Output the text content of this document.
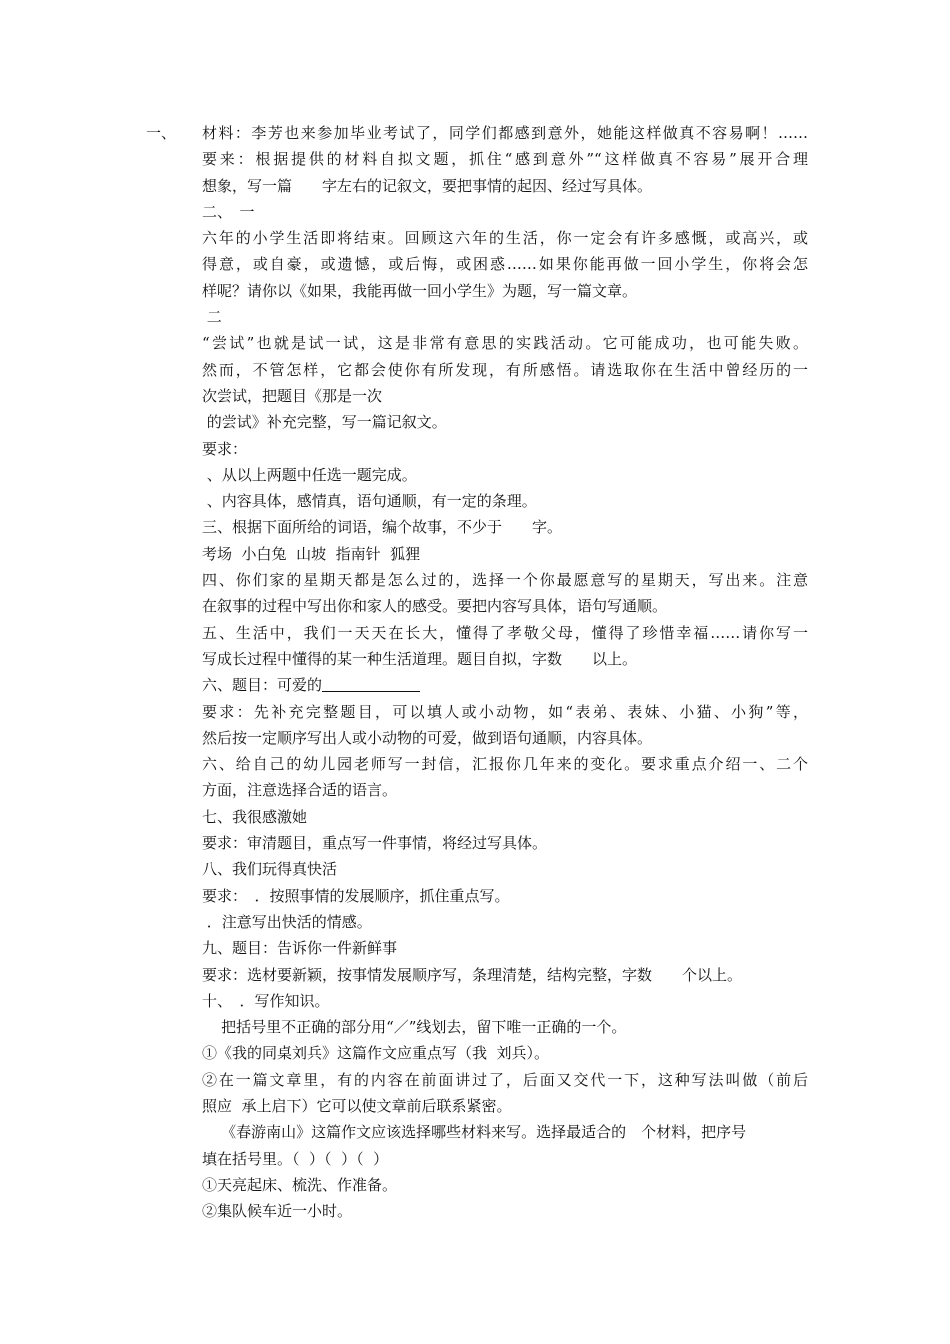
一、 材料：李芳也来参加毕业考试了，同学们都感到意外，她能这样做真不容易啊！……
要来：根据提供的材料自拟文题，抓住“感到意外”“这样做真不容易”展开合理
想象，写一篇　　字左右的记叙文，要把事情的起因、经过写具体。
二、　一
六年的小学生活即将结束。回顾这六年的生活，你一定会有许多感慨，或高兴，或
得意，或自豪，或遗憾，或后悔，或困惑……如果你能再做一回小学生，你将会怎
样呢？请你以《如果，我能再做一回小学生》为题，写一篇文章。
二
“尝试”也就是试一试，这是非常有意思的实践活动。它可能成功，也可能失败。
然而，不管怎样，它都会使你有所发现，有所感悟。请选取你在生活中曾经历的一
次尝试，把题目《那是一次
的尝试》补充完整，写一篇记叙文。
要求：
、从以上两题中任选一题完成。
、内容具体，感情真，语句通顺，有一定的条理。
三、根据下面所给的词语，编个故事，不少于　　字。
考场  小白兔  山坡  指南针  狐狸
四、你们家的星期天都是怎么过的，选择一个你最愿意写的星期天，写出来。注意
在叙事的过程中写出你和家人的感受。要把内容写具体，语句写通顺。
五、生活中，我们一天天在长大，懂得了孝敬父母，懂得了珍惜幸福……请你写一
写成长过程中懂得的某一种生活道理。题目自拟，字数　　以上。
六、题目：可爱的
要求：先补充完整题目，可以填人或小动物，如“表弟、表妹、小猫、小狗”等，
然后按一定顺序写出人或小动物的可爱，做到语句通顺，内容具体。
六、给自己的幼儿园老师写一封信，汇报你几年来的变化。要求重点介绍一、二个
方面，注意选择合适的语言。
七、我很感激她
要求：审清题目，重点写一件事情，将经过写具体。
八、我们玩得真快活
要求：　．按照事情的发展顺序，抓住重点写。
．注意写出快活的情感。
九、题目：告诉你一件新鲜事
要求：选材要新颖，按事情发展顺序写，条理清楚，结构完整，字数　　个以上。
十、　．写作知识。
把括号里不正确的部分用“／”线划去，留下唯一正确的一个。
①《我的同桌刘兵》这篇作文应重点写（我  刘兵）。
②在一篇文章里，有的内容在前面讲过了，后面又交代一下，这种写法叫做（前后
照应  承上启下）它可以使文章前后联系紧密。
《春游南山》这篇作文应该选择哪些材料来写。选择最适合的　个材料，把序号
填在括号里。（  ）（  ）（  ）
①天亮起床、梳洗、作准备。
②集队候车近一小时。
